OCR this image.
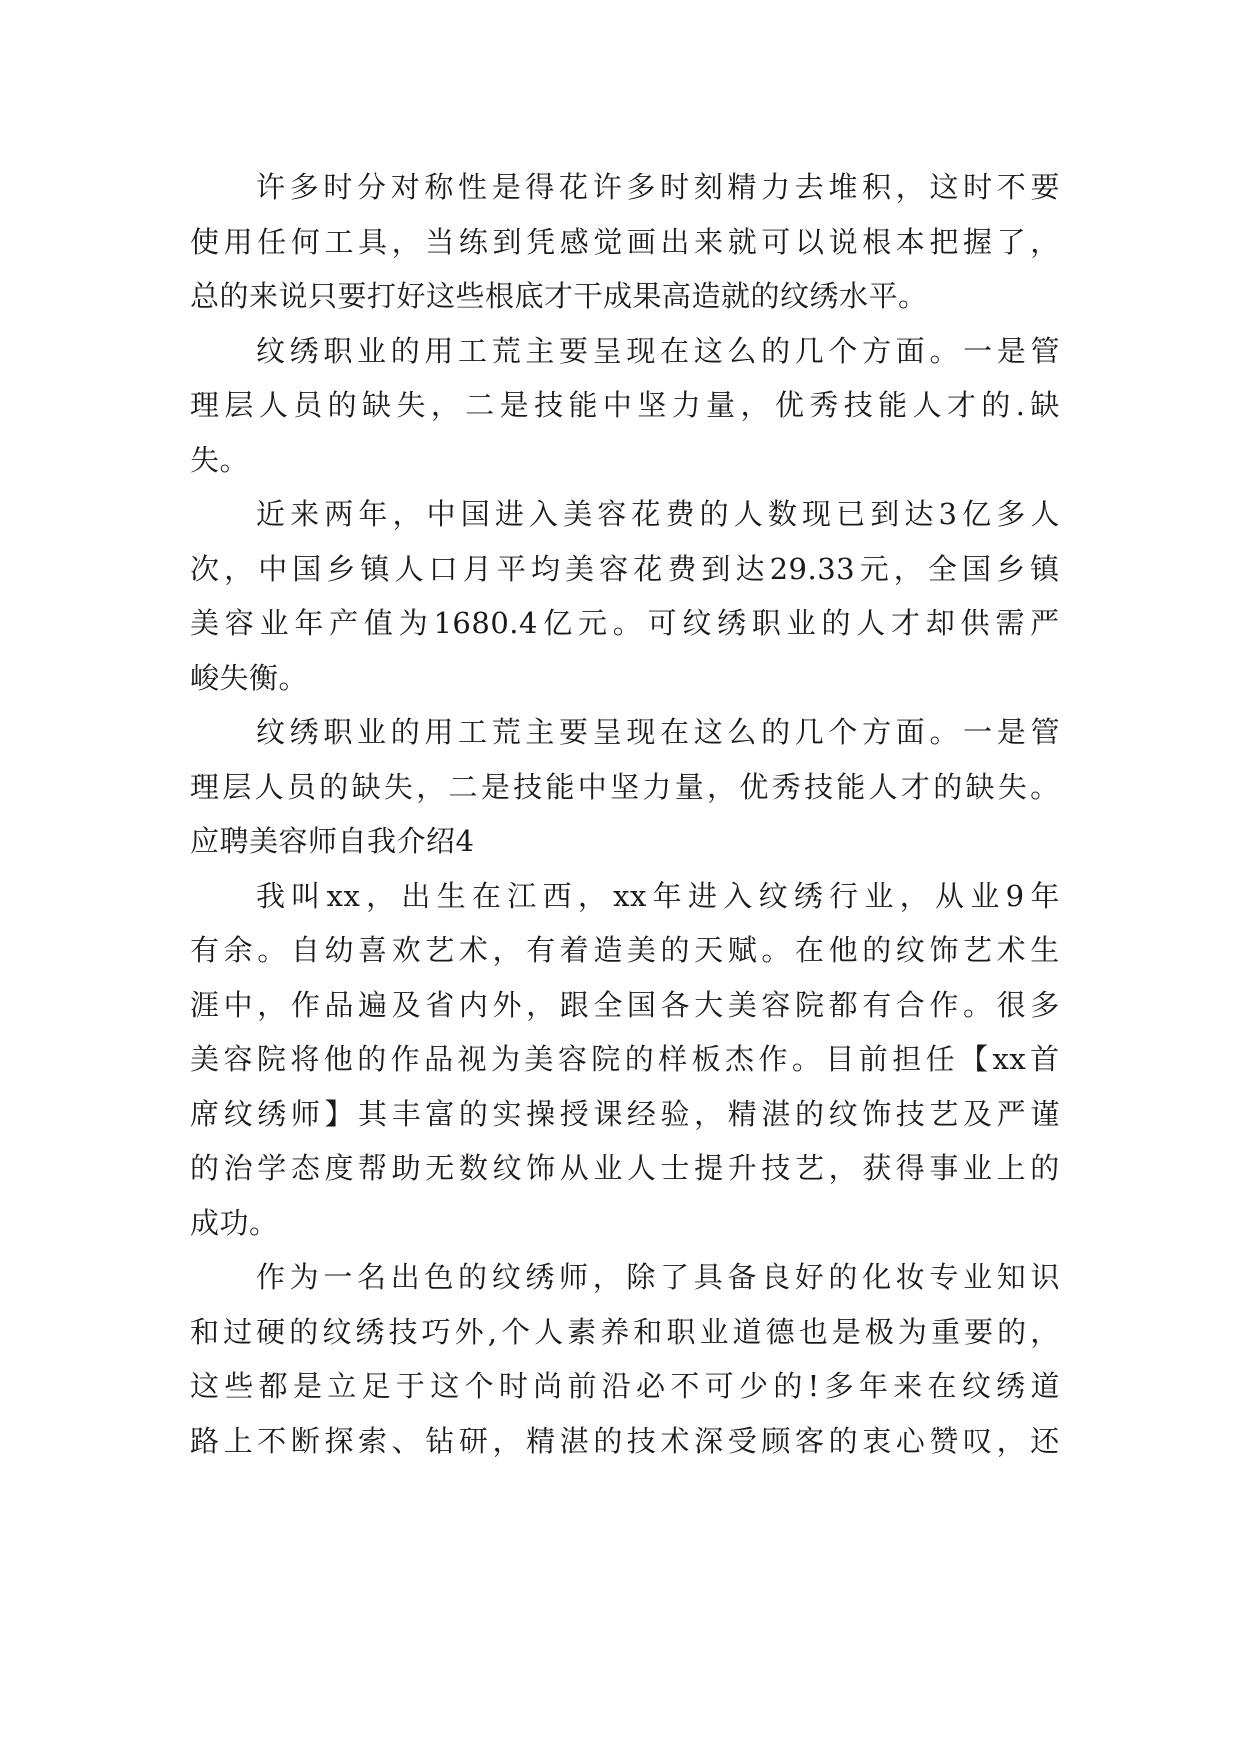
许 多 时 分 对 称 性 是 得 花 许 多 时 刻 精 力 去 堆 积 ， 这 时 不 要
使 用 任 何 工 具 ， 当 练 到 凭 感 觉 画 出 来 就 可 以 说 根 本 把 握 了 ，
总的来说只要打好这些根底才干成果高造就的纹绣水平。
纹 绣 职 业 的 用 工 荒 主 要 呈 现 在 这 么 的 几 个 方 面 。 一 是 管
理 层 人 员 的 缺 失 ， 二 是 技 能 中 坚 力 量 ， 优 秀 技 能 人 才 的 . 缺
失。
近 来 两 年 ， 中 国 进 入 美 容 花 费 的 人 数 现 已 到 达 3 亿 多 人
次 ， 中 国 乡 镇 人 口 月 平 均 美 容 花 费 到 达 29.33 元 ， 全 国 乡 镇
美 容 业 年 产 值 为 1680.4 亿 元 。 可 纹 绣 职 业 的 人 才 却 供 需 严
峻失衡。
纹 绣 职 业 的 用 工 荒 主 要 呈 现 在 这 么 的 几 个 方 面 。 一 是 管
理 层 人 员 的 缺 失 ， 二 是 技 能 中 坚 力 量 ， 优 秀 技 能 人 才 的 缺 失 。
应聘美容师自我介绍4
我 叫 xx ， 出 生 在 江 西 ， xx 年 进 入 纹 绣 行 业 ， 从 业 9 年
有 余 。 自 幼 喜 欢 艺 术 ， 有 着 造 美 的 天 赋 。 在 他 的 纹 饰 艺 术 生
涯 中 ， 作 品 遍 及 省 内 外 ， 跟 全 国 各 大 美 容 院 都 有 合 作 。 很 多
美 容 院 将 他 的 作 品 视 为 美 容 院 的 样 板 杰 作 。 目 前 担 任 【 xx 首
席 纹 绣 师 】 其 丰 富 的 实 操 授 课 经 验 ， 精 湛 的 纹 饰 技 艺 及 严 谨
的 治 学 态 度 帮 助 无 数 纹 饰 从 业 人 士 提 升 技 艺 ， 获 得 事 业 上 的
成功。
作 为 一 名 出 色 的 纹 绣 师 ， 除 了 具 备 良 好 的 化 妆 专 业 知 识
和 过 硬 的 纹 绣 技 巧 外 , 个 人 素 养 和 职 业 道 德 也 是 极 为 重 要 的 ，
这 些 都 是 立 足 于 这 个 时 尚 前 沿 必 不 可 少 的 ! 多 年 来 在 纹 绣 道
路 上 不 断 探 索 、 钻 研 ， 精 湛 的 技 术 深 受 顾 客 的 衷 心 赞 叹 ， 还
